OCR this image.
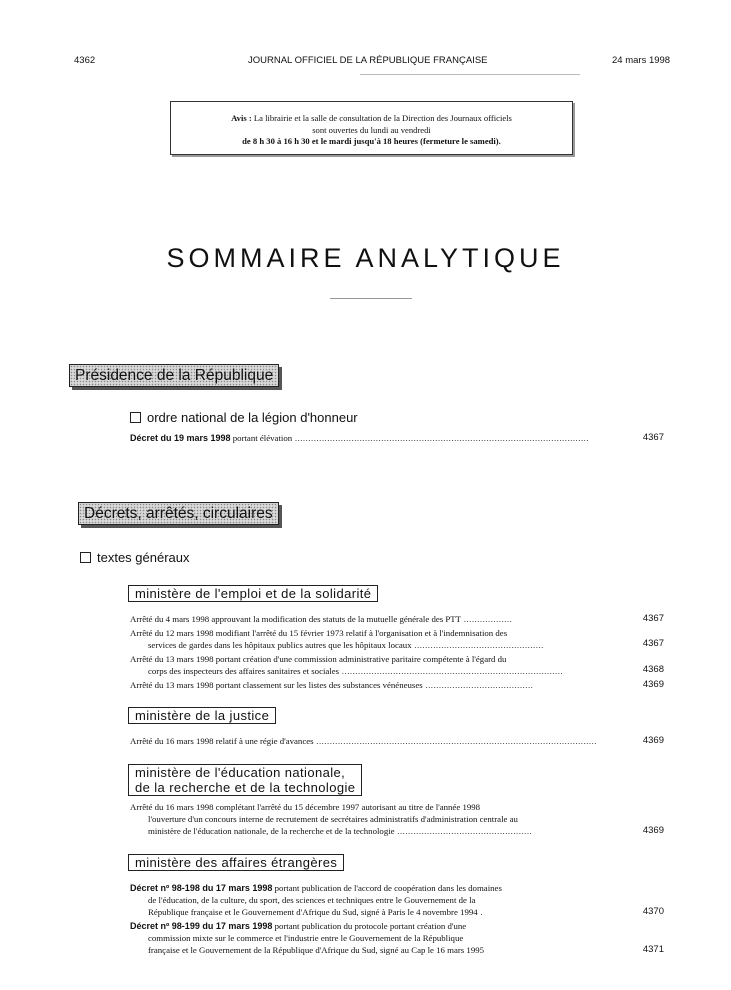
4362	JOURNAL OFFICIEL DE LA RÉPUBLIQUE FRANÇAISE	24 mars 1998
Avis : La librairie et la salle de consultation de la Direction des Journaux officiels
sont ouvertes du lundi au vendredi
de 8 h 30 à 16 h 30 et le mardi jusqu'à 18 heures (fermeture le samedi).
SOMMAIRE ANALYTIQUE
Présidence de la République
ordre national de la légion d'honneur
Décret du 19 mars 1998 portant élévation .............................................................................................................	4367
Décrets, arrêtés, circulaires
textes généraux
ministère de l'emploi et de la solidarité
Arrêté du 4 mars 1998 approuvant la modification des statuts de la mutuelle générale des PTT ..................	4367
Arrêté du 12 mars 1998 modifiant l'arrêté du 15 février 1973 relatif à l'organisation et à l'indemnisation des
services de gardes dans les hôpitaux publics autres que les hôpitaux locaux ................................................	4367
Arrêté du 13 mars 1998 portant création d'une commission administrative paritaire compétente à l'égard du
corps des inspecteurs des affaires sanitaires et sociales ..................................................................................	4368
Arrêté du 13 mars 1998 portant classement sur les listes des substances vénéneuses ........................................	4369
ministère de la justice
Arrêté du 16 mars 1998 relatif à une régie d'avances ........................................................................................................	4369
ministère de l'éducation nationale,
de la recherche et de la technologie
Arrêté du 16 mars 1998 complétant l'arrêté du 15 décembre 1997 autorisant au titre de l'année 1998
l'ouverture d'un concours interne de recrutement de secrétaires administratifs d'administration centrale au
ministère de l'éducation nationale, de la recherche et de la technologie ..................................................	4369
ministère des affaires étrangères
Décret nº 98-198 du 17 mars 1998 portant publication de l'accord de coopération dans les domaines
de l'éducation, de la culture, du sport, des sciences et techniques entre le Gouvernement de la
République française et le Gouvernement d'Afrique du Sud, signé à Paris le 4 novembre 1994 .	4370
Décret nº 98-199 du 17 mars 1998 portant publication du protocole portant création d'une
commission mixte sur le commerce et l'industrie entre le Gouvernement de la République
française et le Gouvernement de la République d'Afrique du Sud, signé au Cap le 16 mars 1995	4371
